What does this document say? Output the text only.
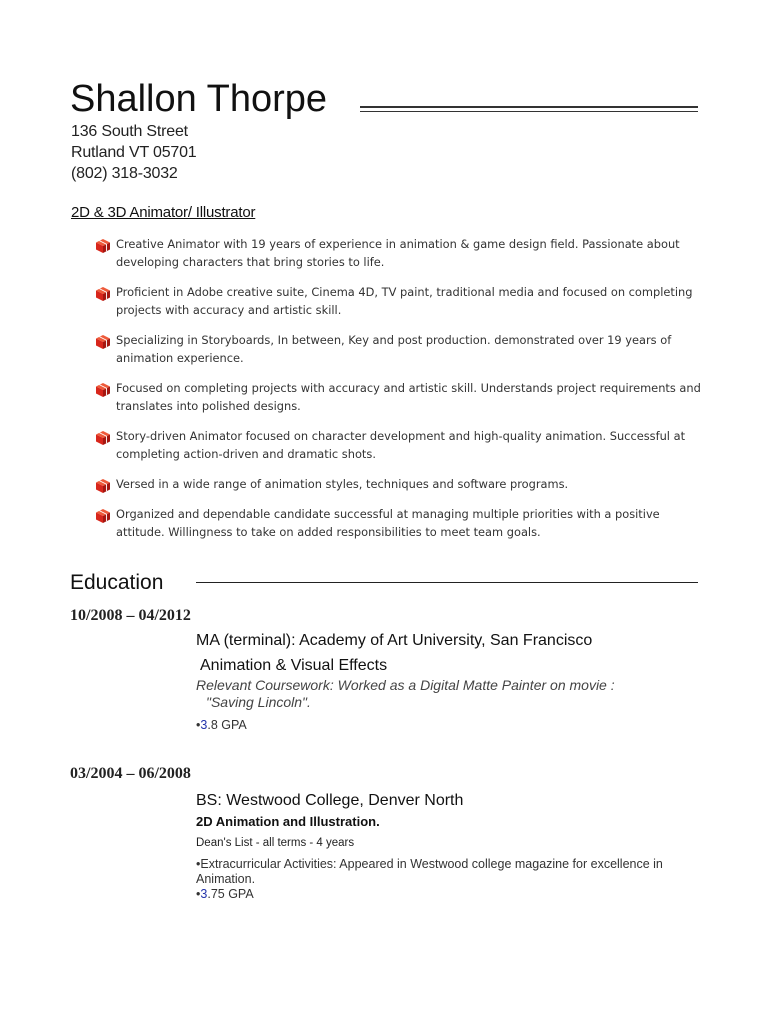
Shallon Thorpe
136 South Street
Rutland VT 05701
(802) 318-3032
2D & 3D Animator/ Illustrator
Creative Animator with 19 years of experience in animation & game design field. Passionate about developing characters that bring stories to life.
Proficient in Adobe creative suite, Cinema 4D, TV paint, traditional media and focused on completing projects with accuracy and artistic skill.
Specializing in Storyboards, In between, Key and post production. demonstrated over 19 years of animation experience.
Focused on completing projects with accuracy and artistic skill. Understands project requirements and translates into polished designs.
Story-driven Animator focused on character development and high-quality animation. Successful at completing action-driven and dramatic shots.
Versed in a wide range of animation styles, techniques and software programs.
Organized and dependable candidate successful at managing multiple priorities with a positive attitude. Willingness to take on added responsibilities to meet team goals.
Education
10/2008 – 04/2012
MA (terminal): Academy of Art University, San Francisco
Animation & Visual Effects
Relevant Coursework: Worked as a Digital Matte Painter on movie :
"Saving Lincoln".
•3.8 GPA
03/2004 – 06/2008
BS: Westwood College, Denver North
2D Animation and Illustration.
Dean's List - all terms - 4 years
•Extracurricular Activities: Appeared in Westwood college magazine for excellence in Animation.
•3.75 GPA
